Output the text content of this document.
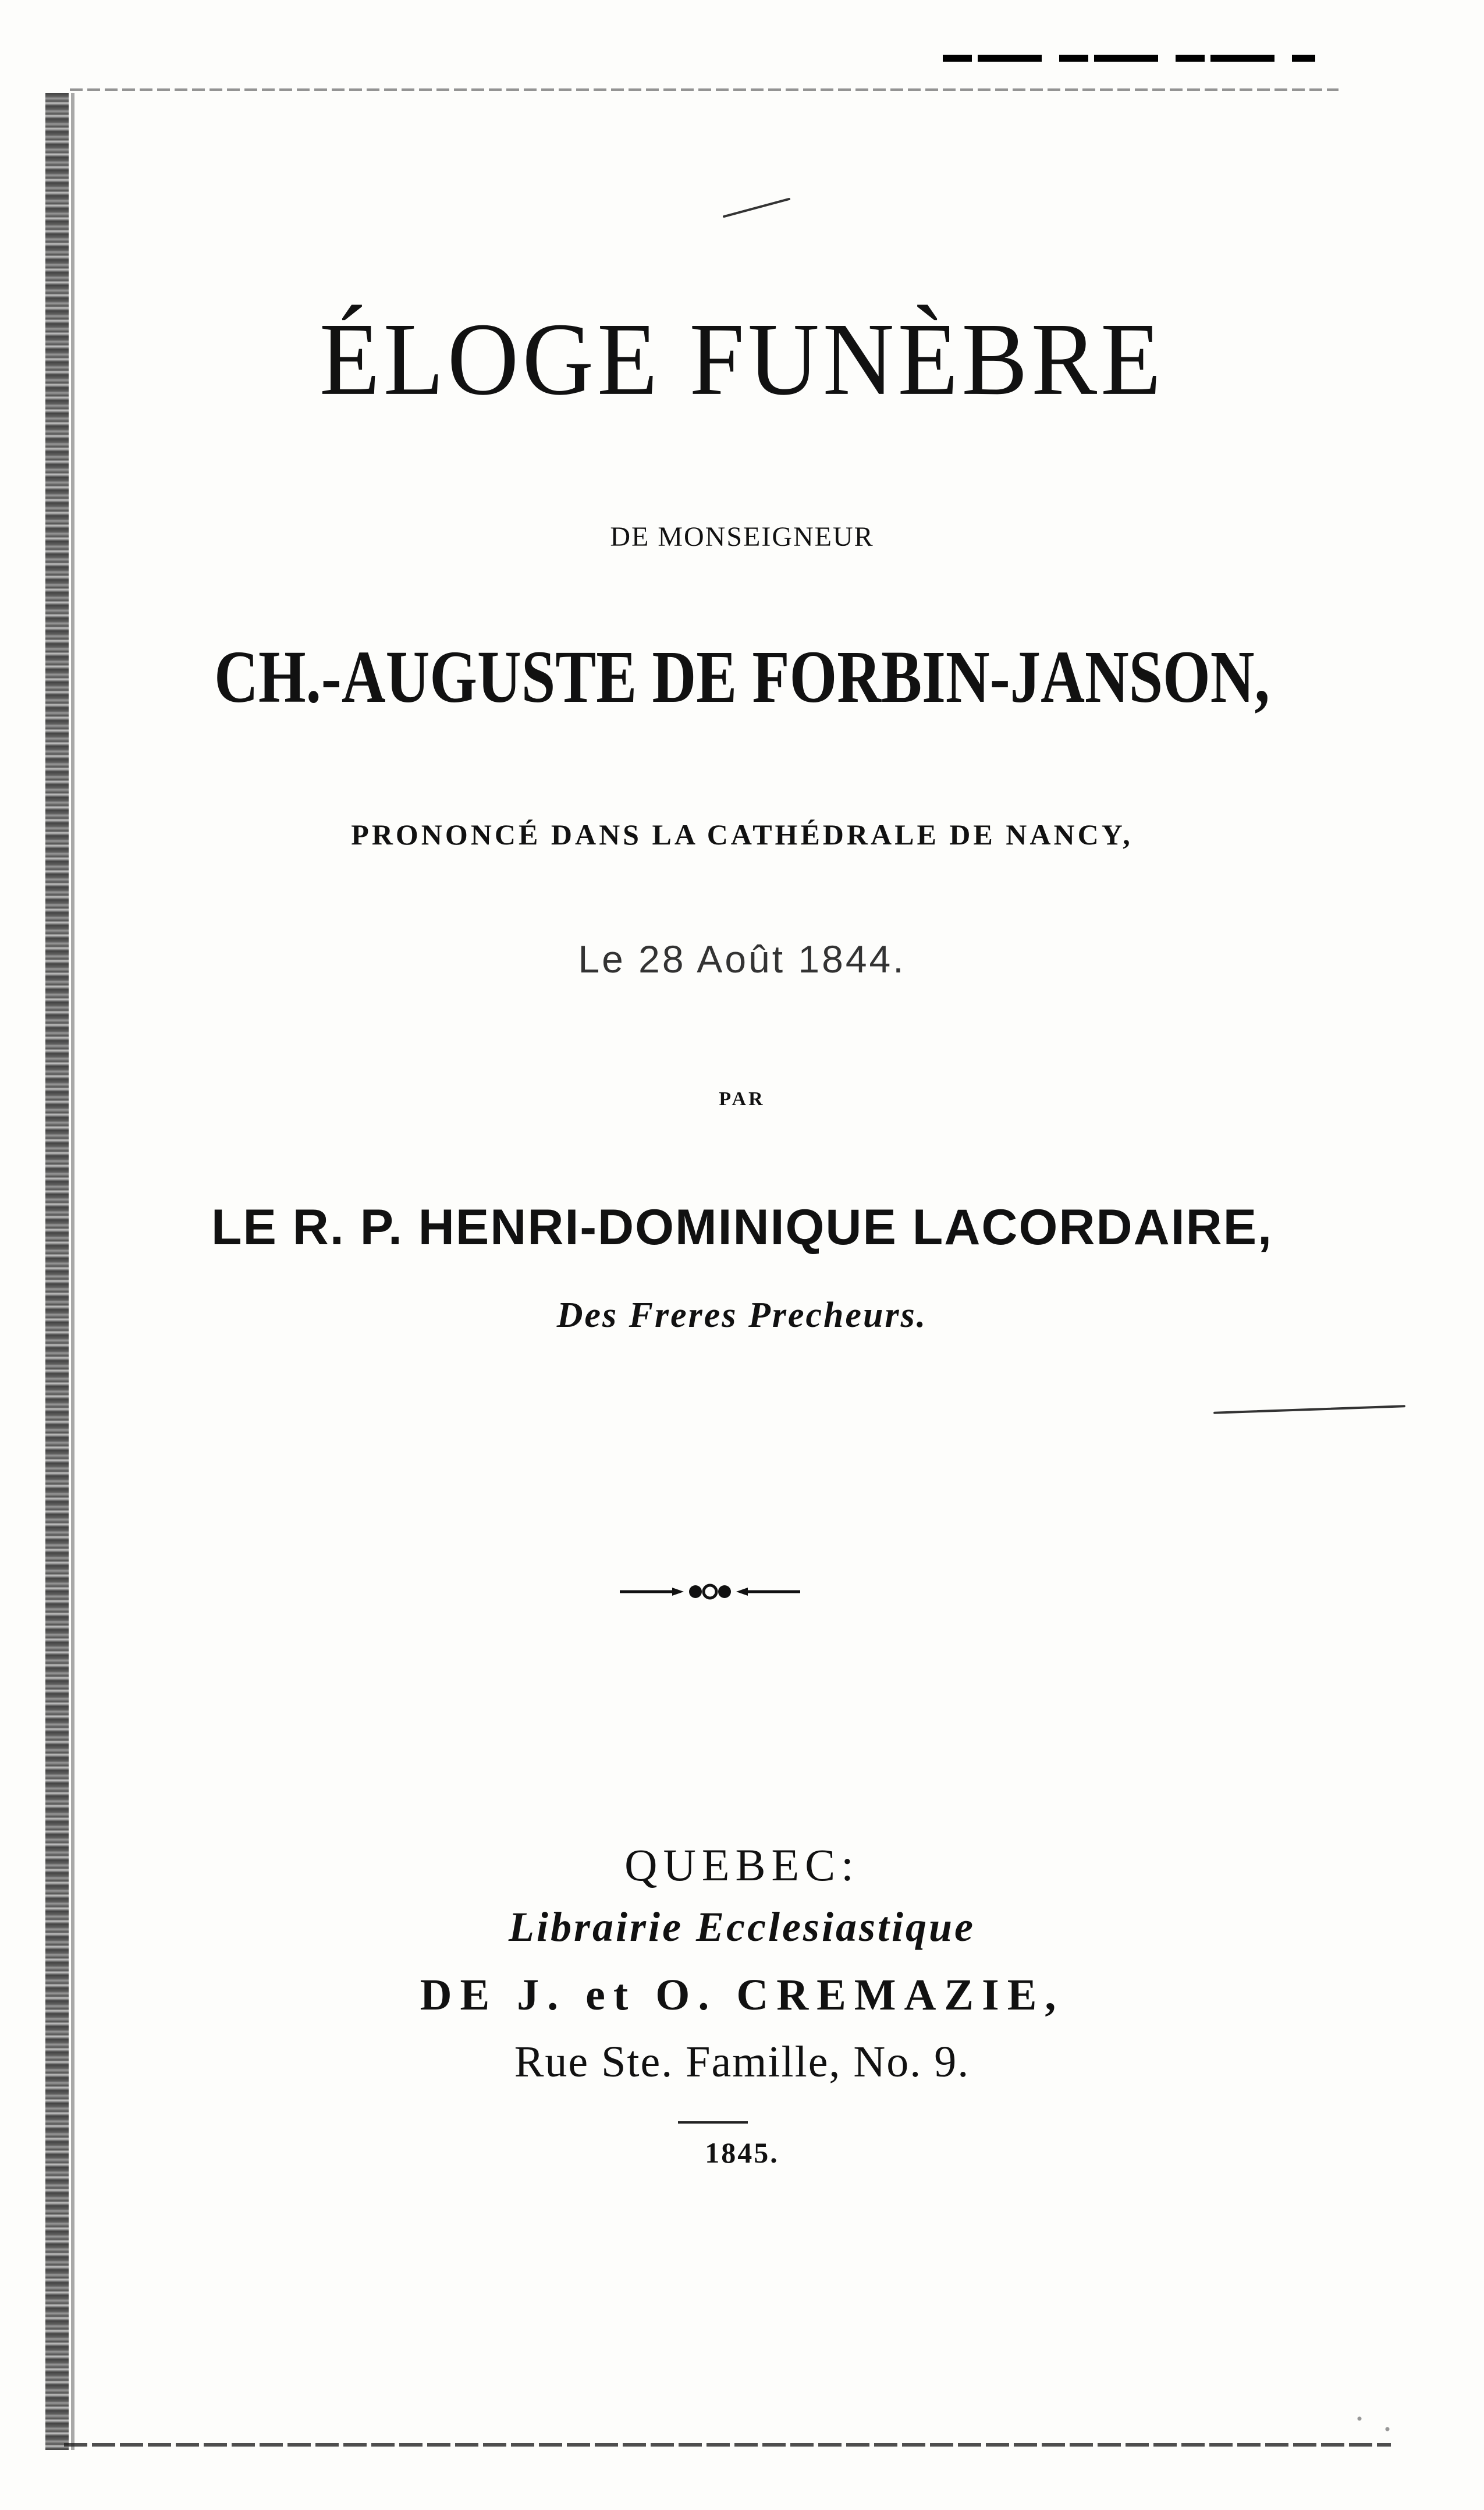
ÉLOGE FUNÈBRE
DE MONSEIGNEUR
CH.-AUGUSTE DE FORBIN-JANSON,
PRONONCÉ DANS LA CATHÉDRALE DE NANCY,
Le 28 Août 1844.
PAR
LE R. P. HENRI-DOMINIQUE LACORDAIRE,
Des Freres Precheurs.
QUEBEC:
Librairie Ecclesiastique
DE J. et O. CREMAZIE,
Rue Ste. Famille, No. 9.
1845.
